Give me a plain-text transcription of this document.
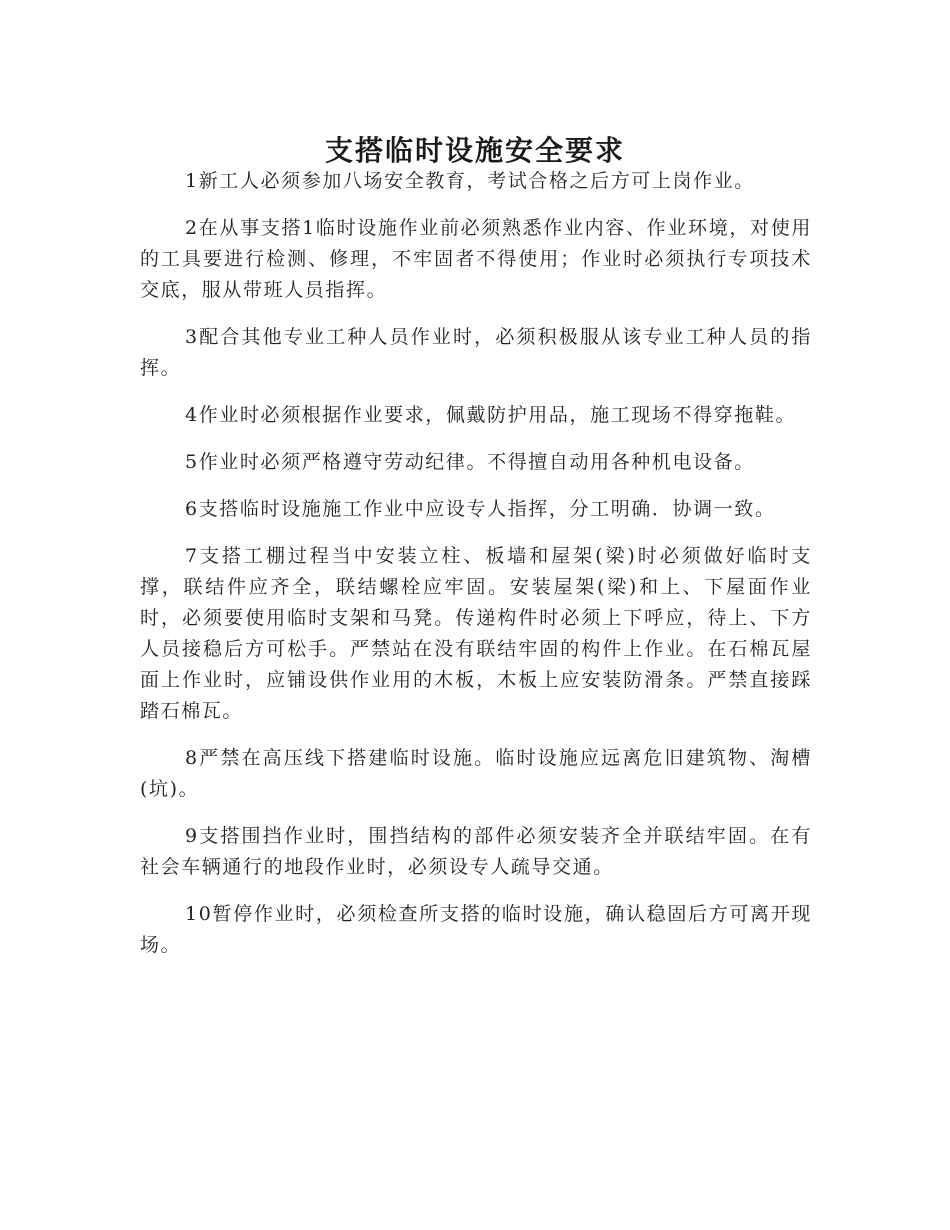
支搭临时设施安全要求

1新工人必须参加八场安全教育，考试合格之后方可上岗作业。

2在从事支搭1临时设施作业前必须熟悉作业内容、作业环境，对使用的工具要进行检测、修理，不牢固者不得使用；作业时必须执行专项技术交底，服从带班人员指挥。

3配合其他专业工种人员作业时，必须积极服从该专业工种人员的指挥。

4作业时必须根据作业要求，佩戴防护用品，施工现场不得穿拖鞋。

5作业时必须严格遵守劳动纪律。不得擅自动用各种机电设备。

6支搭临时设施施工作业中应设专人指挥，分工明确．协调一致。

7支搭工棚过程当中安装立柱、板墙和屋架(梁)时必须做好临时支撑，联结件应齐全，联结螺栓应牢固。安装屋架(梁)和上、下屋面作业时，必须要使用临时支架和马凳。传递构件时必须上下呼应，待上、下方人员接稳后方可松手。严禁站在没有联结牢固的构件上作业。在石棉瓦屋面上作业时，应铺设供作业用的木板，木板上应安装防滑条。严禁直接踩踏石棉瓦。

8严禁在高压线下搭建临时设施。临时设施应远离危旧建筑物、淘槽(坑)。

9支搭围挡作业时，围挡结构的部件必须安装齐全并联结牢固。在有社会车辆通行的地段作业时，必须设专人疏导交通。

10暂停作业时，必须检查所支搭的临时设施，确认稳固后方可离开现场。
